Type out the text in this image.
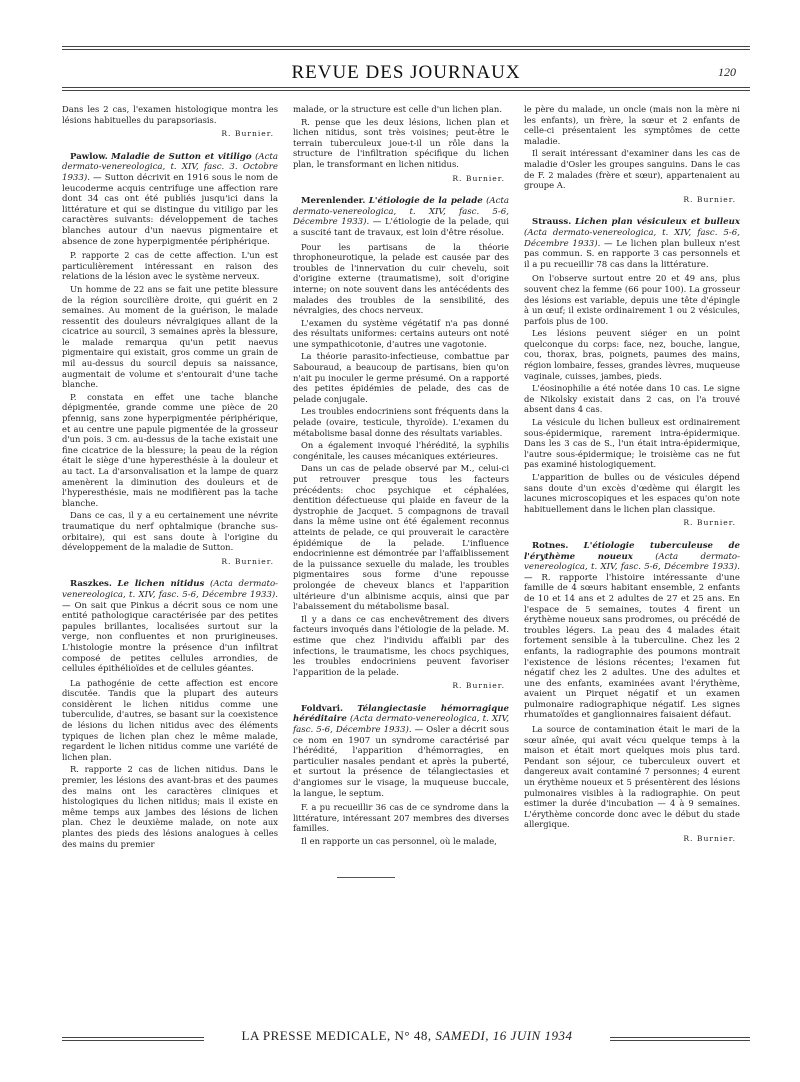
REVUE DES JOURNAUX	120

Dans les 2 cas, l'examen histologique montra les lésions habituelles du parapsoriasis.

R. Burnier.
Pawlow. Maladie de Sutton et vitiligo (Acta dermato-venereologica, t. XIV, fasc. 3. Octobre 1933). — Sutton décrivit en 1916 sous le nom de leucoderme acquis centrifuge une affection rare dont 34 cas ont été publiés jusqu'ici dans la littérature et qui se distingue du vitiligo par les caractères suivants: développement de taches blanches autour d'un naevus pigmentaire et absence de zone hyperpigmentée périphérique.

P. rapporte 2 cas de cette affection. L'un est particulièrement intéressant en raison des relations de la lésion avec le système nerveux.

Un homme de 22 ans se fait une petite blessure de la région sourcilière droite, qui guérit en 2 semaines. Au moment de la guérison, le malade ressentit des douleurs névralgiques allant de la cicatrice au sourcil, 3 semaines après la blessure, le malade remarqua qu'un petit naevus pigmentaire qui existait, gros comme un grain de mil au-dessus du sourcil depuis sa naissance, augmentait de volume et s'entourait d'une tache blanche.

P. constata en effet une tache blanche dépigmentée, grande comme une pièce de 20 pfennig, sans zone hyperpigmentée périphérique, et au centre une papule pigmentée de la grosseur d'un pois. 3 cm. au-dessus de la tache existait une fine cicatrice de la blessure; la peau de la région était le siège d'une hyperesthésie à la douleur et au tact. La d'arsonvalisation et la lampe de quarz amenèrent la diminution des douleurs et de l'hyperesthésie, mais ne modifièrent pas la tache blanche.

Dans ce cas, il y a eu certainement une névrite traumatique du nerf ophtalmique (branche sus-orbitaire), qui est sans doute à l'origine du développement de la maladie de Sutton.

R. Burnier.
Raszkes. Le lichen nitidus (Acta dermato-venereologica, t. XIV, fasc. 5-6, Décembre 1933). — On sait que Pinkus a décrit sous ce nom une entité pathologique caractérisée par des petites papules brillantes, localisées surtout sur la verge, non confluentes et non prurigineuses. L'histologie montre la présence d'un infiltrat composé de petites cellules arrondies, de cellules épithélioïdes et de cellules géantes.

La pathogénie de cette affection est encore discutée. Tandis que la plupart des auteurs considèrent le lichen nitidus comme une tuberculide, d'autres, se basant sur la coexistence de lésions du lichen nitidus avec des éléments typiques de lichen plan chez le même malade, regardent le lichen nitidus comme une variété de lichen plan.

R. rapporte 2 cas de lichen nitidus. Dans le premier, les lésions des avant-bras et des paumes des mains ont les caractères cliniques et histologiques du lichen nitidus; mais il existe en même temps aux jambes des lésions de lichen plan. Chez le deuxième malade, on note aux plantes des pieds des lésions analogues à celles des mains du premier

malade, or la structure est celle d'un lichen plan.

R. pense que les deux lésions, lichen plan et lichen nitidus, sont très voisines; peut-être le terrain tuberculeux joue-t-il un rôle dans la structure de l'infiltration spécifique du lichen plan, le transformant en lichen nitidus.

R. Burnier.
Merenlender. L'étiologie de la pelade (Acta dermato-venereologica, t. XIV, fasc. 5-6, Décembre 1933). — L'étiologie de la pelade, qui a suscité tant de travaux, est loin d'être résolue.

Pour les partisans de la théorie throphoneurotique, la pelade est causée par des troubles de l'innervation du cuir chevelu, soit d'origine externe (traumatisme), soit d'origine interne; on note souvent dans les antécédents des malades des troubles de la sensibilité, des névralgies, des chocs nerveux.

L'examen du système végétatif n'a pas donné des résultats uniformes: certains auteurs ont noté une sympathicotonie, d'autres une vagotonie.

La théorie parasito-infectieuse, combattue par Sabouraud, a beaucoup de partisans, bien qu'on n'ait pu inoculer le germe présumé. On a rapporté des petites épidémies de pelade, des cas de pelade conjugale.

Les troubles endocriniens sont fréquents dans la pelade (ovaire, testicule, thyroïde). L'examen du métabolisme basal donne des résultats variables.

On a également invoqué l'hérédité, la syphilis congénitale, les causes mécaniques extérieures.

Dans un cas de pelade observé par M., celui-ci put retrouver presque tous les facteurs précédents: choc psychique et céphalées, dentition défectueuse qui plaide en faveur de la dystrophie de Jacquet. 5 compagnons de travail dans la même usine ont été également reconnus atteints de pelade, ce qui prouverait le caractère épidémique de la pelade. L'influence endocrinienne est démontrée par l'affaiblissement de la puissance sexuelle du malade, les troubles pigmentaires sous forme d'une repousse prolongée de cheveux blancs et l'apparition ultérieure d'un albinisme acquis, ainsi que par l'abaissement du métabolisme basal.

Il y a dans ce cas enchevêtrement des divers facteurs invoqués dans l'étiologie de la pelade. M. estime que chez l'individu affaibli par des infections, le traumatisme, les chocs psychiques, les troubles endocriniens peuvent favoriser l'apparition de la pelade.

R. Burnier.
Foldvari. Télangiectasie hémorragique héréditaire (Acta dermato-venereologica, t. XIV, fasc. 5-6, Décembre 1933). — Osler a décrit sous ce nom en 1907 un syndrome caractérisé par l'hérédité, l'apparition d'hémorragies, en particulier nasales pendant et après la puberté, et surtout la présence de télangiectasies et d'angiomes sur le visage, la muqueuse buccale, la langue, le septum.

F. a pu recueillir 36 cas de ce syndrome dans la littérature, intéressant 207 membres des diverses familles.

Il en rapporte un cas personnel, où le malade,

le père du malade, un oncle (mais non la mère ni les enfants), un frère, la sœur et 2 enfants de celle-ci présentaient les symptômes de cette maladie.

Il serait intéressant d'examiner dans les cas de maladie d'Osler les groupes sanguins. Dans le cas de F. 2 malades (frère et sœur), appartenaient au groupe A.

R. Burnier.
Strauss. Lichen plan vésiculeux et bulleux (Acta dermato-venereologica, t. XIV, fasc. 5-6, Décembre 1933). — Le lichen plan bulleux n'est pas commun. S. en rapporte 3 cas personnels et il a pu recueillir 78 cas dans la littérature.

On l'observe surtout entre 20 et 49 ans, plus souvent chez la femme (66 pour 100). La grosseur des lésions est variable, depuis une tête d'épingle à un œuf; il existe ordinairement 1 ou 2 vésicules, parfois plus de 100.

Les lésions peuvent siéger en un point quelconque du corps: face, nez, bouche, langue, cou, thorax, bras, poignets, paumes des mains, région lombaire, fesses, grandes lèvres, muqueuse vaginale, cuisses, jambes, pieds.

L'éosinophilie a été notée dans 10 cas. Le signe de Nikolsky existait dans 2 cas, on l'a trouvé absent dans 4 cas.

La vésicule du lichen bulleux est ordinairement sous-épidermique, rarement intra-épidermique. Dans les 3 cas de S., l'un était intra-épidermique, l'autre sous-épidermique; le troisième cas ne fut pas examiné histologiquement.

L'apparition de bulles ou de vésicules dépend sans doute d'un excès d'œdème qui élargit les lacunes microscopiques et les espaces qu'on note habituellement dans le lichen plan classique.

R. Burnier.
Rotnes. L'étiologie tuberculeuse de l'érythème noueux	(Acta dermato-venereologica, t. XIV, fasc. 5-6, Décembre 1933). — R. rapporte l'histoire intéressante d'une famille de 4 sœurs habitant ensemble, 2 enfants de 10 et 14 ans et 2 adultes de 27 et 25 ans. En l'espace de 5 semaines, toutes 4 firent un érythème noueux sans prodromes, ou précédé de troubles légers. La peau des 4 malades était fortement sensible à la tuberculine. Chez les 2 enfants, la radiographie des poumons montrait l'existence de lésions récentes; l'examen fut négatif chez les 2 adultes. Une des adultes et une des enfants, examinées avant l'érythème, avaient un Pirquet négatif et un examen pulmonaire radiographique négatif. Les signes rhumatoïdes et ganglionnaires faisaient défaut.

La source de contamination était le mari de la sœur aînée, qui avait vécu quelque temps à la maison et était mort quelques mois plus tard. Pendant son séjour, ce tuberculeux ouvert et dangereux avait contaminé 7 personnes; 4 eurent un érythème noueux et 5 présentèrent des lésions pulmonaires visibles à la radiographie. On peut estimer la durée d'incubation — 4 à 9 semaines. L'érythème concorde donc avec le début du stade allergique.

R. Burnier.
LA PRESSE MEDICALE, N° 48, SAMEDI, 16 JUIN 1934
